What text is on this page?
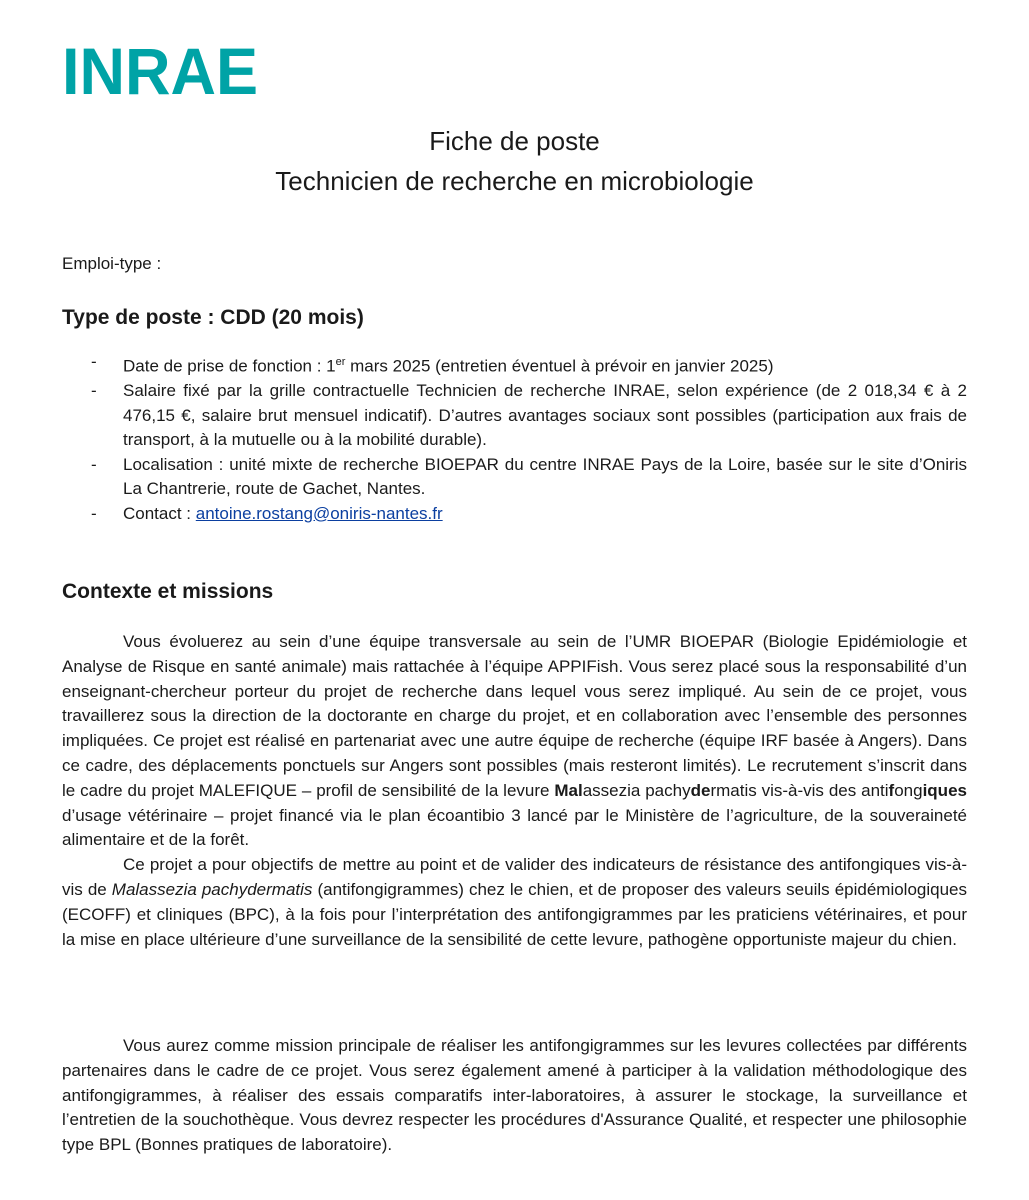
INRAE
Fiche de poste
Technicien de recherche en microbiologie
Emploi-type :
Type de poste : CDD (20 mois)
- Date de prise de fonction : 1er mars 2025 (entretien éventuel à prévoir en janvier 2025)
- Salaire fixé par la grille contractuelle Technicien de recherche INRAE, selon expérience (de 2 018,34 € à 2 476,15 €, salaire brut mensuel indicatif). D’autres avantages sociaux sont possibles (participation aux frais de transport, à la mutuelle ou à la mobilité durable).
- Localisation : unité mixte de recherche BIOEPAR du centre INRAE Pays de la Loire, basée sur le site d’Oniris La Chantrerie, route de Gachet, Nantes.
- Contact : antoine.rostang@oniris-nantes.fr
Contexte et missions
Vous évoluerez au sein d’une équipe transversale au sein de l’UMR BIOEPAR (Biologie Epidémiologie et Analyse de Risque en santé animale) mais rattachée à l’équipe APPIFish. Vous serez placé sous la responsabilité d’un enseignant-chercheur porteur du projet de recherche dans lequel vous serez impliqué. Au sein de ce projet, vous travaillerez sous la direction de la doctorante en charge du projet, et en collaboration avec l’ensemble des personnes impliquées. Ce projet est réalisé en partenariat avec une autre équipe de recherche (équipe IRF basée à Angers). Dans ce cadre, des déplacements ponctuels sur Angers sont possibles (mais resteront limités). Le recrutement s’inscrit dans le cadre du projet MALEFIQUE – profil de sensibilité de la levure Malassezia pachydermatis vis-à-vis des antifongiques d’usage vétérinaire – projet financé via le plan écoantibio 3 lancé par le Ministère de l’agriculture, de la souveraineté alimentaire et de la forêt.
Ce projet a pour objectifs de mettre au point et de valider des indicateurs de résistance des antifongiques vis-à-vis de Malassezia pachydermatis (antifongigrammes) chez le chien, et de proposer des valeurs seuils épidémiologiques (ECOFF) et cliniques (BPC), à la fois pour l’interprétation des antifongigrammes par les praticiens vétérinaires, et pour la mise en place ultérieure d’une surveillance de la sensibilité de cette levure, pathogène opportuniste majeur du chien.
Vous aurez comme mission principale de réaliser les antifongigrammes sur les levures collectées par différents partenaires dans le cadre de ce projet. Vous serez également amené à participer à la validation méthodologique des antifongigrammes, à réaliser des essais comparatifs inter-laboratoires, à assurer le stockage, la surveillance et l’entretien de la souchothèque. Vous devrez respecter les procédures d'Assurance Qualité, et respecter une philosophie type BPL (Bonnes pratiques de laboratoire).
